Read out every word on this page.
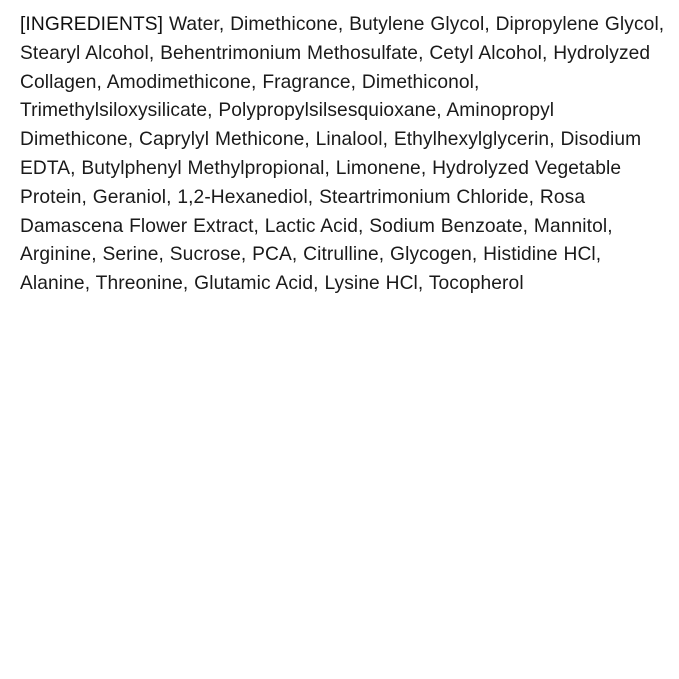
[INGREDIENTS] Water, Dimethicone, Butylene Glycol, Dipropylene Glycol, Stearyl Alcohol, Behentrimonium Methosulfate, Cetyl Alcohol, Hydrolyzed Collagen, Amodimethicone, Fragrance, Dimethiconol, Trimethylsiloxysilicate, Polypropylsilsesquioxane, Aminopropyl Dimethicone, Caprylyl Methicone, Linalool, Ethylhexylglycerin, Disodium EDTA, Butylphenyl Methylpropional, Limonene, Hydrolyzed Vegetable Protein, Geraniol, 1,2-Hexanediol, Steartrimonium Chloride, Rosa Damascena Flower Extract, Lactic Acid, Sodium Benzoate, Mannitol, Arginine, Serine, Sucrose, PCA, Citrulline, Glycogen, Histidine HCl, Alanine, Threonine, Glutamic Acid, Lysine HCl, Tocopherol
